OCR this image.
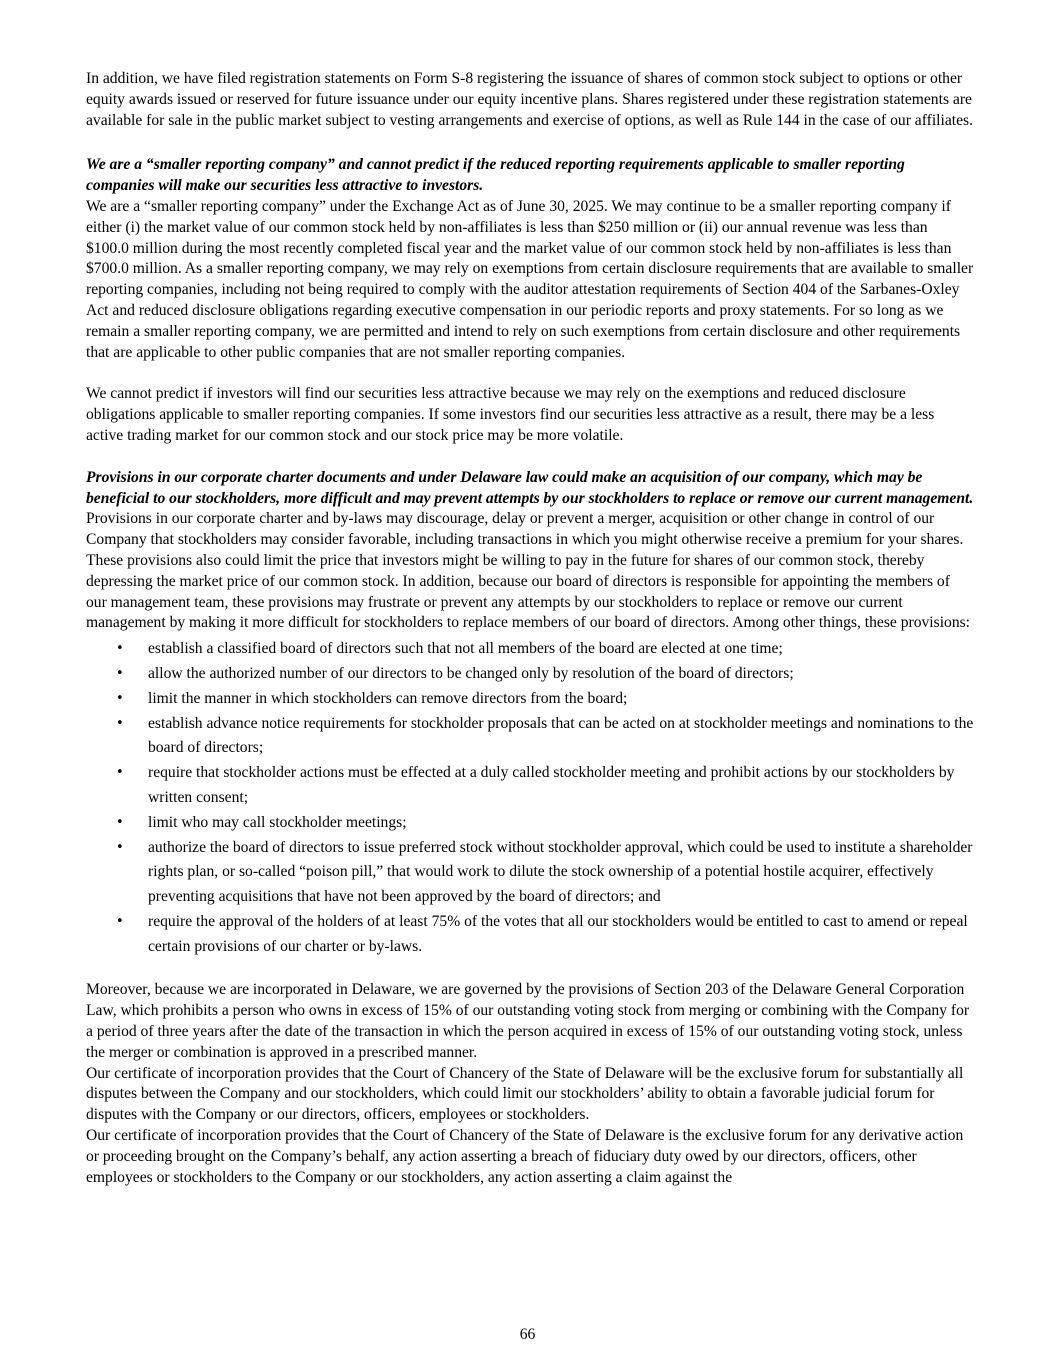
In addition, we have filed registration statements on Form S-8 registering the issuance of shares of common stock subject to options or other equity awards issued or reserved for future issuance under our equity incentive plans. Shares registered under these registration statements are available for sale in the public market subject to vesting arrangements and exercise of options, as well as Rule 144 in the case of our affiliates.

We are a “smaller reporting company” and cannot predict if the reduced reporting requirements applicable to smaller reporting companies will make our securities less attractive to investors.

We are a “smaller reporting company” under the Exchange Act as of June 30, 2025. We may continue to be a smaller reporting company if either (i) the market value of our common stock held by non-affiliates is less than $250 million or (ii) our annual revenue was less than $100.0 million during the most recently completed fiscal year and the market value of our common stock held by non-affiliates is less than $700.0 million. As a smaller reporting company, we may rely on exemptions from certain disclosure requirements that are available to smaller reporting companies, including not being required to comply with the auditor attestation requirements of Section 404 of the Sarbanes-Oxley Act and reduced disclosure obligations regarding executive compensation in our periodic reports and proxy statements. For so long as we remain a smaller reporting company, we are permitted and intend to rely on such exemptions from certain disclosure and other requirements that are applicable to other public companies that are not smaller reporting companies.

We cannot predict if investors will find our securities less attractive because we may rely on the exemptions and reduced disclosure obligations applicable to smaller reporting companies. If some investors find our securities less attractive as a result, there may be a less active trading market for our common stock and our stock price may be more volatile.

Provisions in our corporate charter documents and under Delaware law could make an acquisition of our company, which may be beneficial to our stockholders, more difficult and may prevent attempts by our stockholders to replace or remove our current management.

Provisions in our corporate charter and by-laws may discourage, delay or prevent a merger, acquisition or other change in control of our Company that stockholders may consider favorable, including transactions in which you might otherwise receive a premium for your shares. These provisions also could limit the price that investors might be willing to pay in the future for shares of our common stock, thereby depressing the market price of our common stock. In addition, because our board of directors is responsible for appointing the members of our management team, these provisions may frustrate or prevent any attempts by our stockholders to replace or remove our current management by making it more difficult for stockholders to replace members of our board of directors. Among other things, these provisions:

• establish a classified board of directors such that not all members of the board are elected at one time;
• allow the authorized number of our directors to be changed only by resolution of the board of directors;
• limit the manner in which stockholders can remove directors from the board;
• establish advance notice requirements for stockholder proposals that can be acted on at stockholder meetings and nominations to the board of directors;
• require that stockholder actions must be effected at a duly called stockholder meeting and prohibit actions by our stockholders by written consent;
• limit who may call stockholder meetings;
• authorize the board of directors to issue preferred stock without stockholder approval, which could be used to institute a shareholder rights plan, or so-called “poison pill,” that would work to dilute the stock ownership of a potential hostile acquirer, effectively preventing acquisitions that have not been approved by the board of directors; and
• require the approval of the holders of at least 75% of the votes that all our stockholders would be entitled to cast to amend or repeal certain provisions of our charter or by-laws.

Moreover, because we are incorporated in Delaware, we are governed by the provisions of Section 203 of the Delaware General Corporation Law, which prohibits a person who owns in excess of 15% of our outstanding voting stock from merging or combining with the Company for a period of three years after the date of the transaction in which the person acquired in excess of 15% of our outstanding voting stock, unless the merger or combination is approved in a prescribed manner.

Our certificate of incorporation provides that the Court of Chancery of the State of Delaware will be the exclusive forum for substantially all disputes between the Company and our stockholders, which could limit our stockholders’ ability to obtain a favorable judicial forum for disputes with the Company or our directors, officers, employees or stockholders.

Our certificate of incorporation provides that the Court of Chancery of the State of Delaware is the exclusive forum for any derivative action or proceeding brought on the Company’s behalf, any action asserting a breach of fiduciary duty owed by our directors, officers, other employees or stockholders to the Company or our stockholders, any action asserting a claim against the

66
